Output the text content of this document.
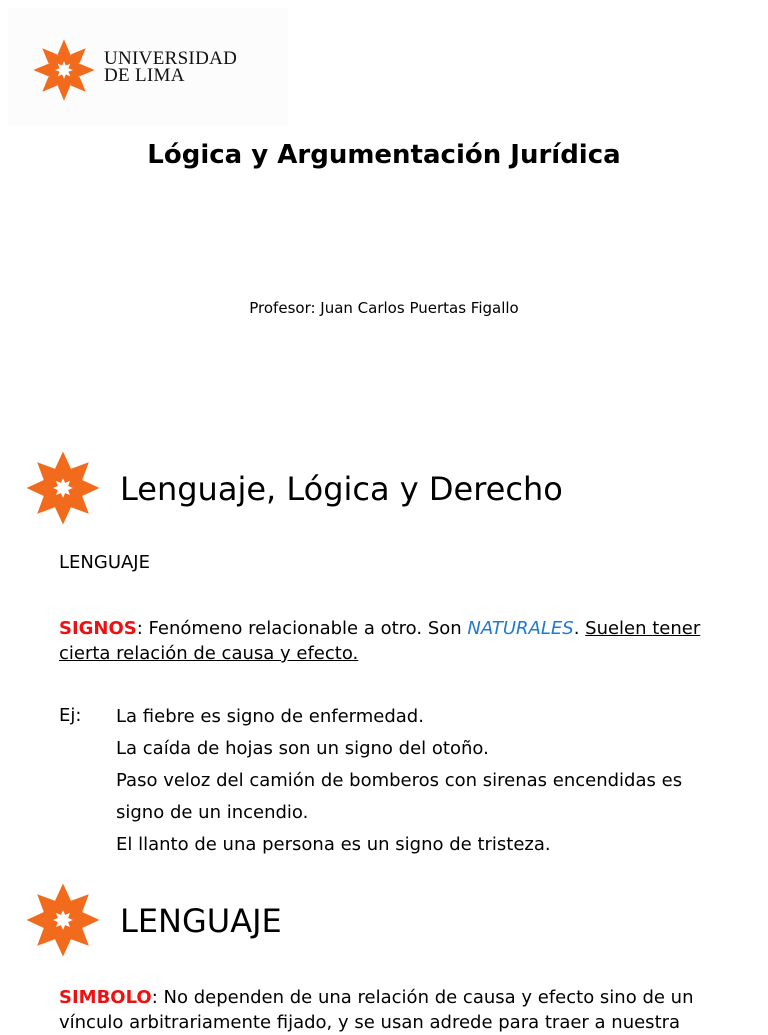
UNIVERSIDAD
DE LIMA
Lógica y Argumentación Jurídica
Profesor: Juan Carlos Puertas Figallo
Lenguaje, Lógica y Derecho
LENGUAJE
SIGNOS: Fenómeno relacionable a otro. Son NATURALES. Suelen tener cierta relación de causa y efecto.
Ej: La fiebre es signo de enfermedad.
La caída de hojas son un signo del otoño.
Paso veloz del camión de bomberos con sirenas encendidas es
signo de un incendio.
El llanto de una persona es un signo de tristeza.
LENGUAJE
SIMBOLO: No dependen de una relación de causa y efecto sino de un vínculo arbitrariamente fijado, y se usan adrede para traer a nuestra
